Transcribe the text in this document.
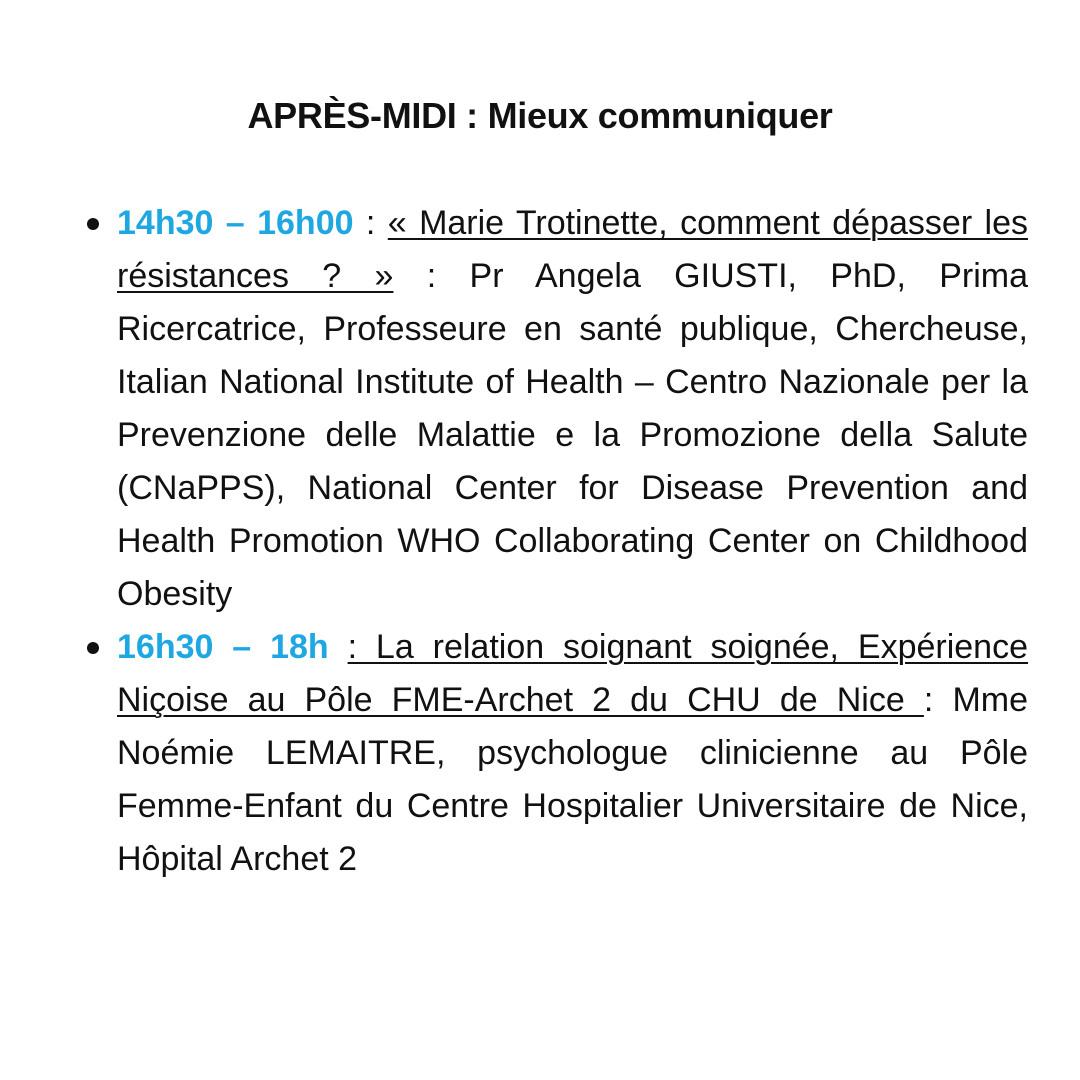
APRÈS-MIDI : Mieux communiquer
14h30 – 16h00 : « Marie Trotinette, comment dépasser les résistances ? » : Pr Angela GIUSTI, PhD, Prima Ricercatrice, Professeure en santé publique, Chercheuse, Italian National Institute of Health – Centro Nazionale per la Prevenzione delle Malattie e la Promozione della Salute (CNaPPS), National Center for Disease Prevention and Health Promotion WHO Collaborating Center on Childhood Obesity
16h30 – 18h : La relation soignant soignée, Expérience Niçoise au Pôle FME-Archet 2 du CHU de Nice : Mme Noémie LEMAITRE, psychologue clinicienne au Pôle Femme-Enfant du Centre Hospitalier Universitaire de Nice, Hôpital Archet 2
